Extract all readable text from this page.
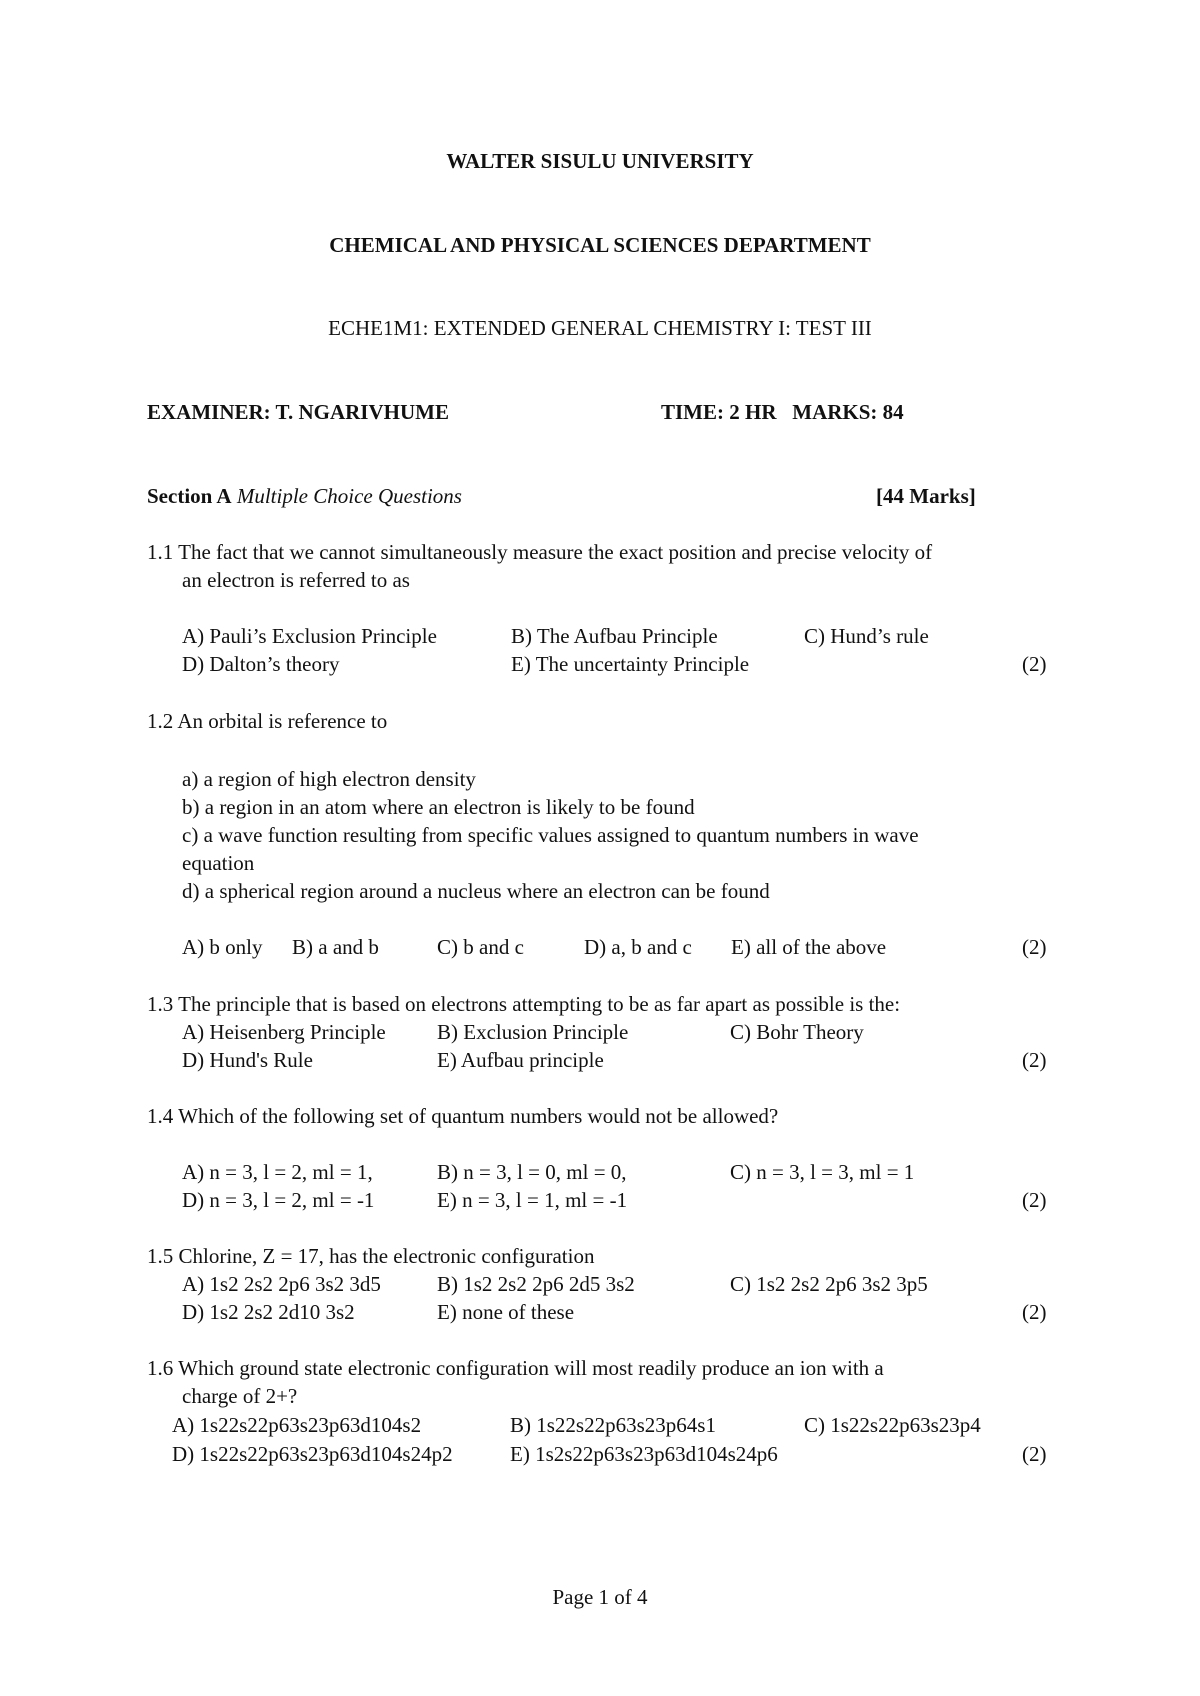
WALTER SISULU UNIVERSITY
CHEMICAL AND PHYSICAL SCIENCES DEPARTMENT
ECHE1M1: EXTENDED GENERAL CHEMISTRY I: TEST III
EXAMINER: T. NGARIVHUME	TIME: 2 HR   MARKS: 84
Section A Multiple Choice Questions	[44 Marks]
1.1 The fact that we cannot simultaneously measure the exact position and precise velocity of
an electron is referred to as
A) Pauli’s Exclusion Principle	B) The Aufbau Principle	C) Hund’s rule
D) Dalton’s theory	E) The uncertainty Principle	(2)
1.2 An orbital is reference to
a) a region of high electron density
b) a region in an atom where an electron is likely to be found
c) a wave function resulting from specific values assigned to quantum numbers in wave
equation
d) a spherical region around a nucleus where an electron can be found
A) b only B) a and b	C) b and c	D) a, b and c E) all of the above	(2)
1.3 The principle that is based on electrons attempting to be as far apart as possible is the:
A) Heisenberg Principle B) Exclusion Principle	C) Bohr Theory
D) Hund's Rule	E) Aufbau principle	(2)
1.4 Which of the following set of quantum numbers would not be allowed?
A) n = 3, l = 2, ml = 1,	B) n = 3, l = 0, ml = 0,	C) n = 3, l = 3, ml = 1
D) n = 3, l = 2, ml = -1	E) n = 3, l = 1, ml = -1	(2)
1.5 Chlorine, Z = 17, has the electronic configuration
A) 1s2 2s2 2p6 3s2 3d5	B) 1s2 2s2 2p6 2d5 3s2	C) 1s2 2s2 2p6 3s2 3p5
D) 1s2 2s2 2d10 3s2	E) none of these	(2)
1.6 Which ground state electronic configuration will most readily produce an ion with a
charge of 2+?
A) 1s22s22p63s23p63d104s2	B) 1s22s22p63s23p64s1	C) 1s22s22p63s23p4
D) 1s22s22p63s23p63d104s24p2	E) 1s2s22p63s23p63d104s24p6	(2)
Page 1 of 4
